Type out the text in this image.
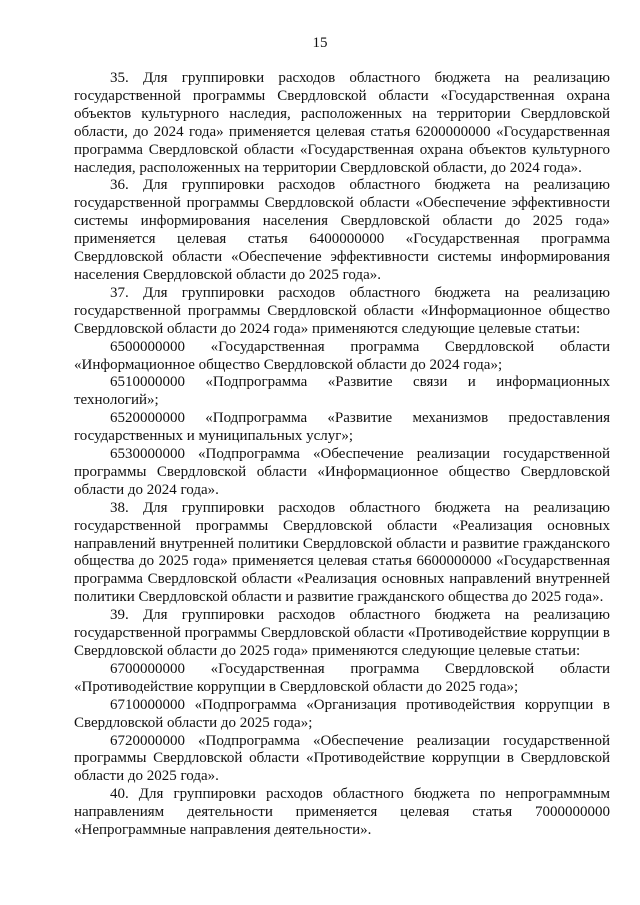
15

35. Для группировки расходов областного бюджета на реализацию государственной программы Свердловской области «Государственная охрана объектов культурного наследия, расположенных на территории Свердловской области, до 2024 года» применяется целевая статья 6200000000 «Государственная программа Свердловской области «Государственная охрана объектов культурного наследия, расположенных на территории Свердловской области, до 2024 года».

36. Для группировки расходов областного бюджета на реализацию государственной программы Свердловской области «Обеспечение эффективности системы информирования населения Свердловской области до 2025 года» применяется целевая статья 6400000000 «Государственная программа Свердловской области «Обеспечение эффективности системы информирования населения Свердловской области до 2025 года».

37. Для группировки расходов областного бюджета на реализацию государственной программы Свердловской области «Информационное общество Свердловской области до 2024 года» применяются следующие целевые статьи:

6500000000 «Государственная программа Свердловской области «Информационное общество Свердловской области до 2024 года»;

6510000000 «Подпрограмма «Развитие связи и информационных технологий»;

6520000000 «Подпрограмма «Развитие механизмов предоставления государственных и муниципальных услуг»;

6530000000 «Подпрограмма «Обеспечение реализации государственной программы Свердловской области «Информационное общество Свердловской области до 2024 года».

38. Для группировки расходов областного бюджета на реализацию государственной программы Свердловской области «Реализация основных направлений внутренней политики Свердловской области и развитие гражданского общества до 2025 года» применяется целевая статья 6600000000 «Государственная программа Свердловской области «Реализация основных направлений внутренней политики Свердловской области и развитие гражданского общества до 2025 года».

39. Для группировки расходов областного бюджета на реализацию государственной программы Свердловской области «Противодействие коррупции в Свердловской области до 2025 года» применяются следующие целевые статьи:

6700000000 «Государственная программа Свердловской области «Противодействие коррупции в Свердловской области до 2025 года»;

6710000000 «Подпрограмма «Организация противодействия коррупции в Свердловской области до 2025 года»;

6720000000 «Подпрограмма «Обеспечение реализации государственной программы Свердловской области «Противодействие коррупции в Свердловской области до 2025 года».

40. Для группировки расходов областного бюджета по непрограммным направлениям деятельности применяется целевая статья 7000000000 «Непрограммные направления деятельности».
